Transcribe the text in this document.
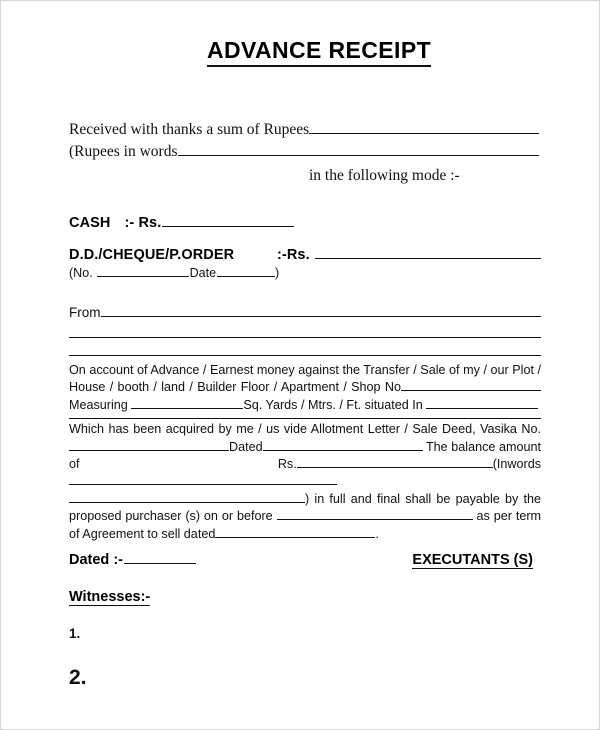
ADVANCE RECEIPT
Received with thanks a sum of Rupees
(Rupees in words
in the following mode :-
CASH :- Rs.
D.D./CHEQUE/P.ORDER	:-Rs.
(No.	Date	)
From

On account of Advance / Earnest money against the Transfer / Sale of my / our Plot / House / booth / land / Builder Floor / Apartment / Shop No Measuring	Sq. Yards / Mtrs. / Ft. situated In

Which has been acquired by me / us vide Allotment Letter / Sale Deed, Vasika No.Dated	The balance amount of	Rs.	(Inwords) in full and final shall be payable by the proposed purchaser (s) on or before	as per term of Agreement to sell dated	.

Dated :-	EXECUTANTS (S)
Witnesses:-
1.
2.
